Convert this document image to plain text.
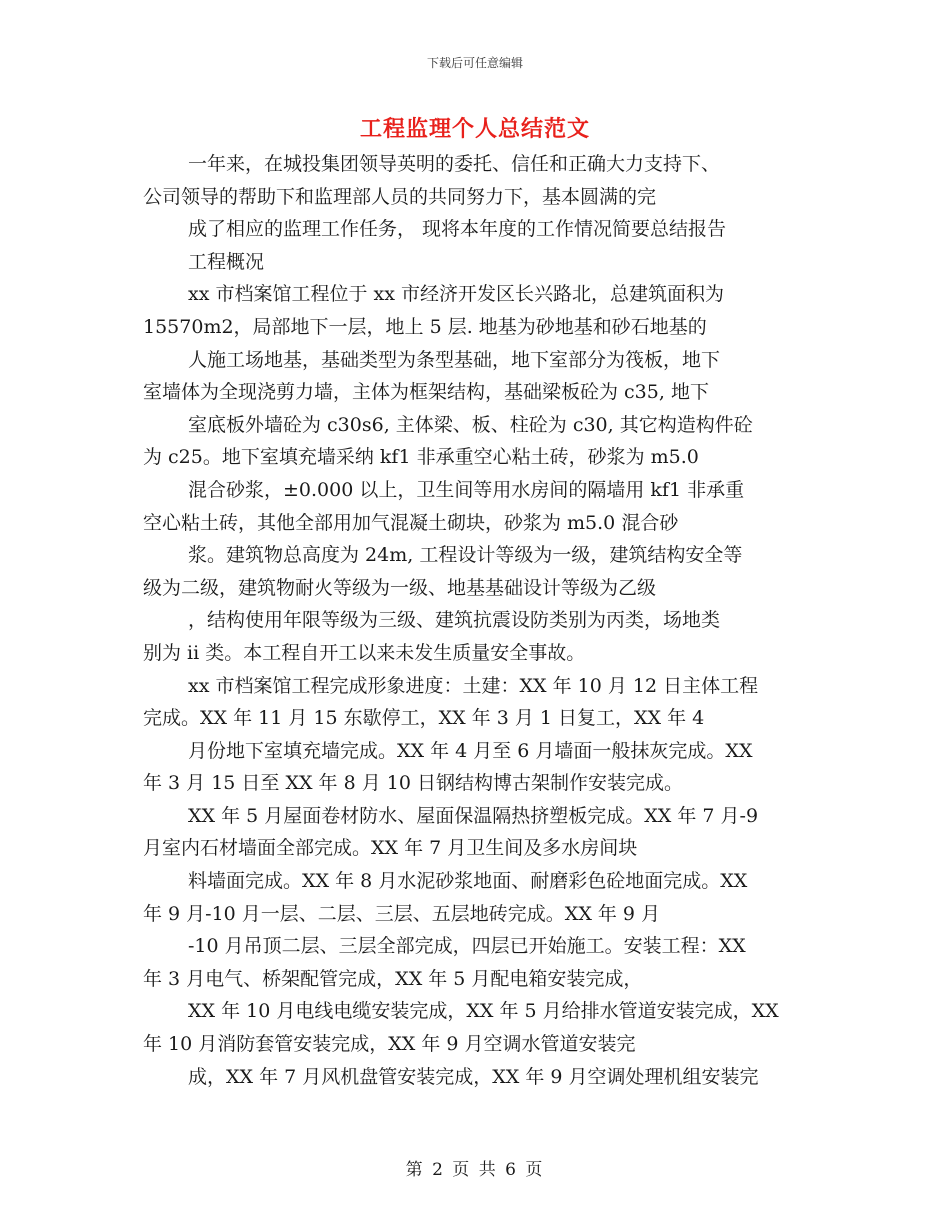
下载后可任意编辑
工程监理个人总结范文
一年来，在城投集团领导英明的委托、信任和正确大力支持下、
公司领导的帮助下和监理部人员的共同努力下，基本圆满的完
成了相应的监理工作任务， 现将本年度的工作情况简要总结报告
工程概况
xx 市档案馆工程位于 xx 市经济开发区长兴路北，总建筑面积为
15570m2，局部地下一层，地上 5 层. 地基为砂地基和砂石地基的
人施工场地基，基础类型为条型基础，地下室部分为筏板，地下
室墙体为全现浇剪力墙，主体为框架结构，基础梁板砼为 c35, 地下
室底板外墙砼为 c30s6, 主体梁、板、柱砼为 c30, 其它构造构件砼
为 c25。地下室填充墙采纳 kf1 非承重空心粘土砖，砂浆为 m5.0
混合砂浆，±0.000 以上，卫生间等用水房间的隔墙用 kf1 非承重
空心粘土砖，其他全部用加气混凝土砌块，砂浆为 m5.0 混合砂
浆。建筑物总高度为 24m, 工程设计等级为一级，建筑结构安全等
级为二级，建筑物耐火等级为一级、地基基础设计等级为乙级
，结构使用年限等级为三级、建筑抗震设防类别为丙类，场地类
别为 ii 类。本工程自开工以来未发生质量安全事故。
xx 市档案馆工程完成形象进度：土建：XX 年 10 月 12 日主体工程
完成。XX 年 11 月 15 东歇停工，XX 年 3 月 1 日复工，XX 年 4
月份地下室填充墙完成。XX 年 4 月至 6 月墙面一般抹灰完成。XX
年 3 月 15 日至 XX 年 8 月 10 日钢结构博古架制作安装完成。
XX 年 5 月屋面卷材防水、屋面保温隔热挤塑板完成。XX 年 7 月-9
月室内石材墙面全部完成。XX 年 7 月卫生间及多水房间块
料墙面完成。XX 年 8 月水泥砂浆地面、耐磨彩色砼地面完成。XX
年 9 月-10 月一层、二层、三层、五层地砖完成。XX 年 9 月
-10 月吊顶二层、三层全部完成，四层已开始施工。安装工程：XX
年 3 月电气、桥架配管完成，XX 年 5 月配电箱安装完成，
XX 年 10 月电线电缆安装完成，XX 年 5 月给排水管道安装完成，XX
年 10 月消防套管安装完成，XX 年 9 月空调水管道安装完
成，XX 年 7 月风机盘管安装完成，XX 年 9 月空调处理机组安装完
第 2 页 共 6 页
